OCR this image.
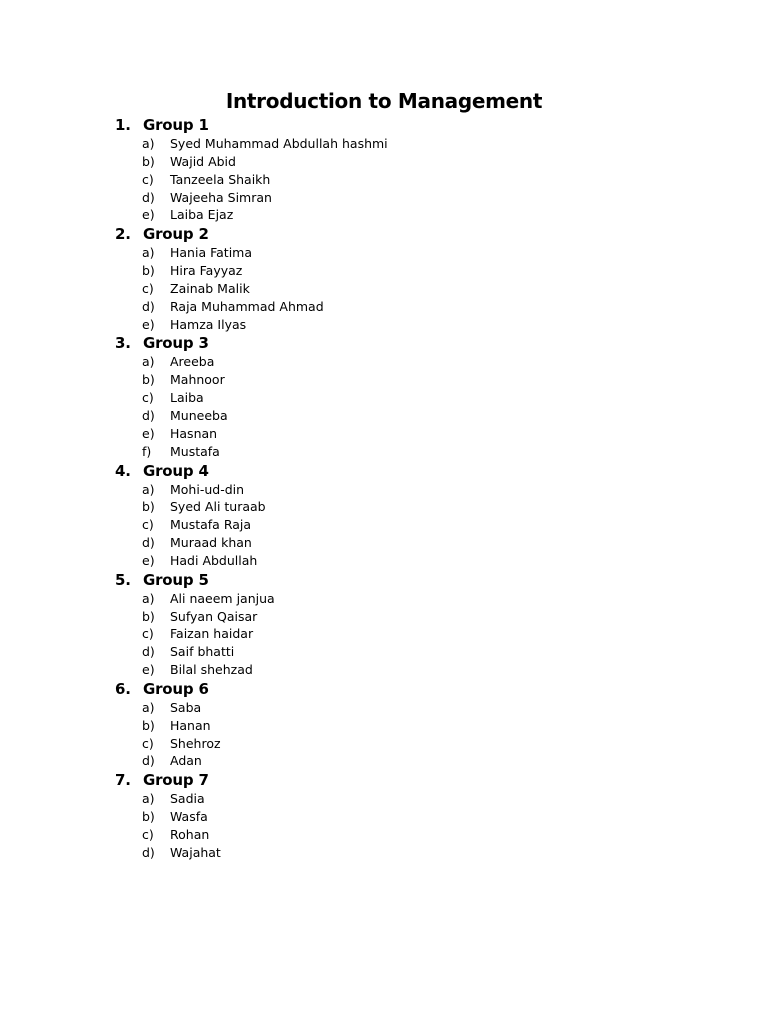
Introduction to Management
1. Group 1
a) Syed Muhammad Abdullah hashmi
b) Wajid Abid
c) Tanzeela Shaikh
d) Wajeeha Simran
e) Laiba Ejaz
2. Group 2
a) Hania Fatima
b) Hira Fayyaz
c) Zainab Malik
d) Raja Muhammad Ahmad
e) Hamza Ilyas
3. Group 3
a) Areeba
b) Mahnoor
c) Laiba
d) Muneeba
e) Hasnan
f) Mustafa
4. Group 4
a) Mohi-ud-din
b) Syed Ali turaab
c) Mustafa Raja
d) Muraad khan
e) Hadi Abdullah
5. Group 5
a) Ali naeem janjua
b) Sufyan Qaisar
c) Faizan haidar
d) Saif bhatti
e) Bilal shehzad
6. Group 6
a) Saba
b) Hanan
c) Shehroz
d) Adan
7. Group 7
a) Sadia
b) Wasfa
c) Rohan
d) Wajahat
